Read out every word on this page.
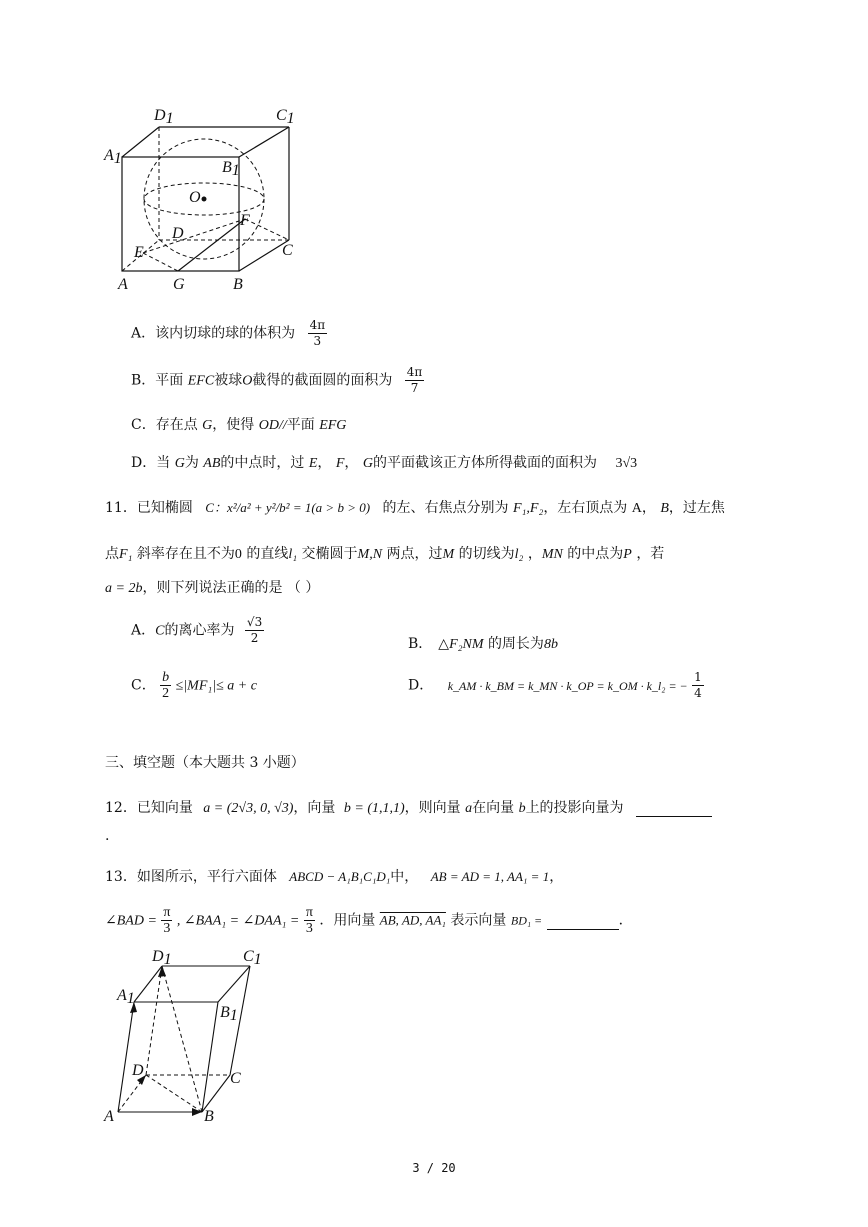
D1	C1
A1
B1
O
F
D
C
E
A	G	B
A．该内切球的球的体积为 $\frac{4\pi}{3}$
B．平面 EFC被球O截得的截面圆的面积为 $\frac{4\pi}{7}$
C．存在点 G，使得 OD//平面 EFG
D．当 G为 AB的中点时，过 E， F， G的平面截该正方体所得截面的面积为 3√3
11．已知椭圆 C：x²/a² + y²/b² = 1(a > b > 0) 的左、右焦点分别为 F₁,F₂，左右顶点为 A， B，过左焦
点F₁ 斜率存在且不为0 的直线l₁ 交椭圆于M,N 两点，过M 的切线为l₂ ，MN 的中点为P ，若
a = 2b，则下列说法正确的是 （ ）
A．C的离心率为 $\frac{√3}{2}$	B． △F₂NM 的周长为8b
C． $\frac{b}{2} \le|MF_1|\le a + c$	D． k_AM · k_BM = k_MN · k_OP = k_OM · k_l₂ = − $\frac{1}{4}$
三、填空题（本大题共 3 小题）
12．已知向量 a = (2√3, 0, √3)，向量 b = (1,1,1)，则向量 a在向量 b上的投影向量为
.
13．如图所示，平行六面体 ABCD − A₁B₁C₁D₁中， AB = AD = 1, AA₁ = 1，
∠BAD = $\frac{\pi}{3}$ , ∠BAA₁ = ∠DAA₁ = $\frac{\pi}{3}$ ．用向量 AB, AD, AA₁ 表示向量 BD₁ =	．
D1	C1
A1
B1
D	C
A	B
3 / 20
